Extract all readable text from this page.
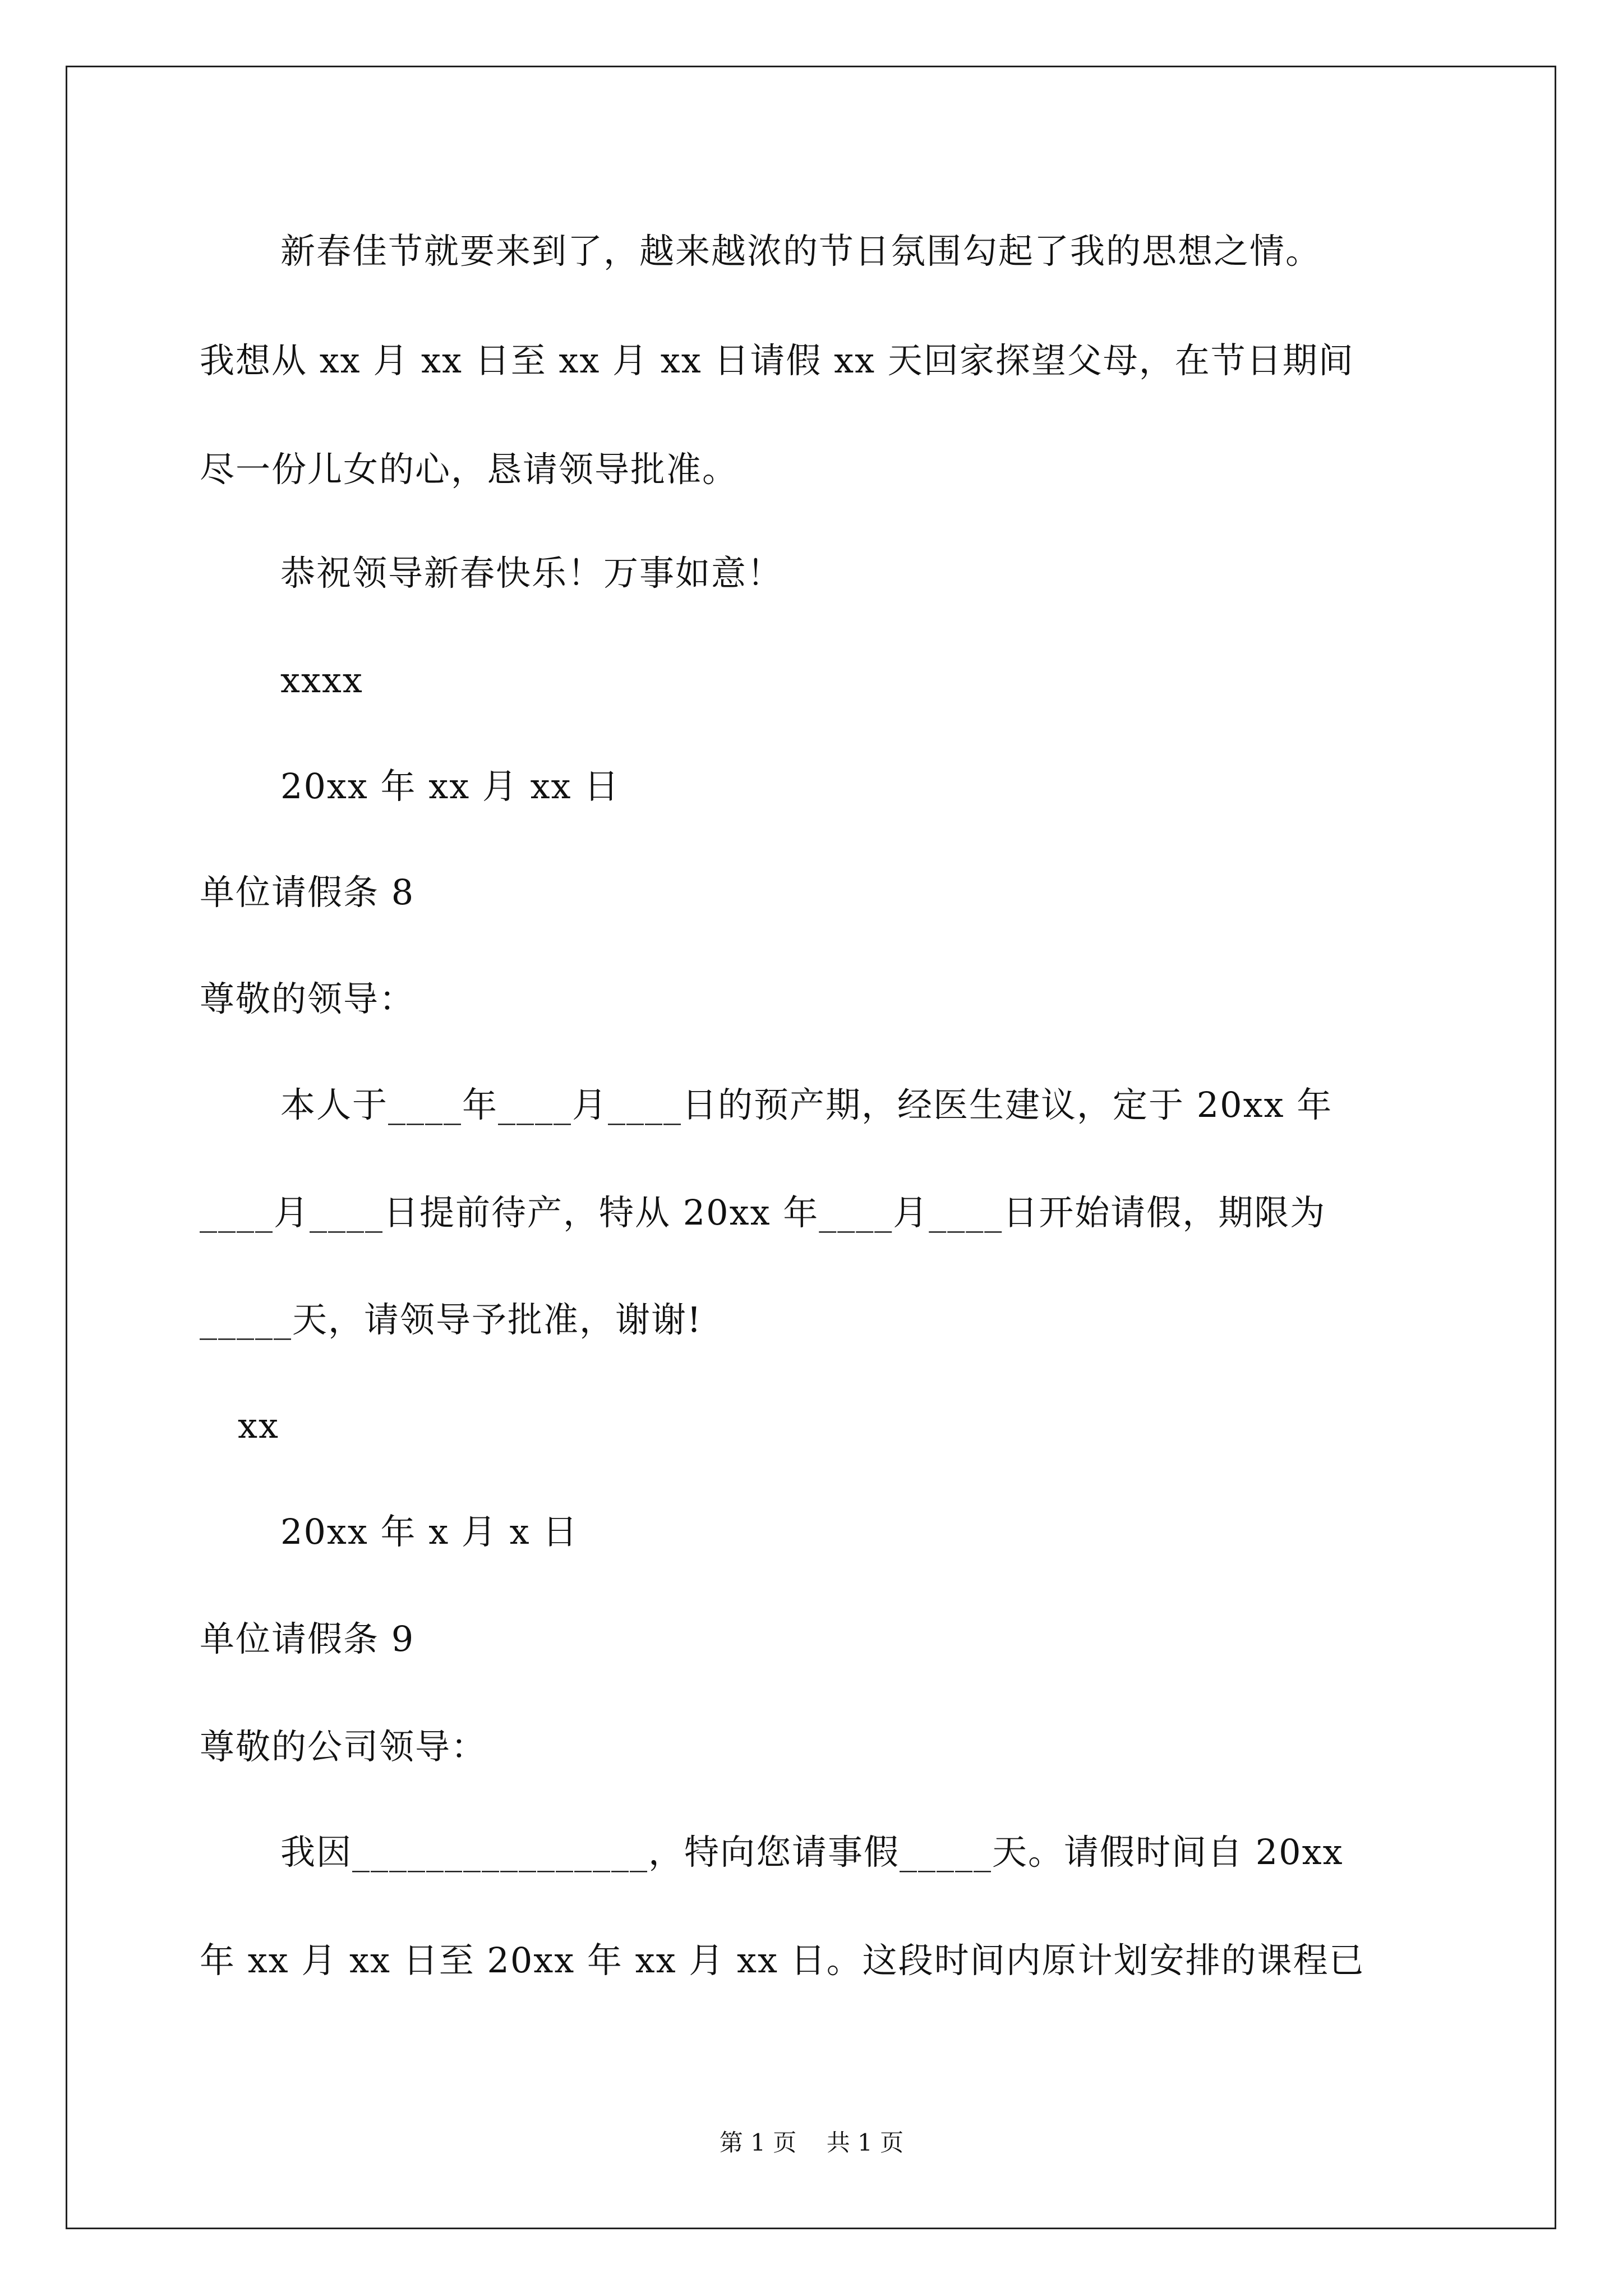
新春佳节就要来到了，越来越浓的节日氛围勾起了我的思想之情。
我想从 xx 月 xx 日至 xx 月 xx 日请假 xx 天回家探望父母，在节日期间
尽一份儿女的心，恳请领导批准。
恭祝领导新春快乐！万事如意！
xxxx
20xx 年 xx 月 xx 日
单位请假条 8
尊敬的领导：
本人于____年____月____日的预产期，经医生建议，定于 20xx 年
____月____日提前待产，特从 20xx 年____月____日开始请假，期限为
_____天，请领导予批准，谢谢!
xx
20xx 年 x 月 x 日
单位请假条 9
尊敬的公司领导：
我因________________，特向您请事假_____天。请假时间自 20xx
年 xx 月 xx 日至 20xx 年 xx 月 xx 日。这段时间内原计划安排的课程已
第 1 页    共 1 页
